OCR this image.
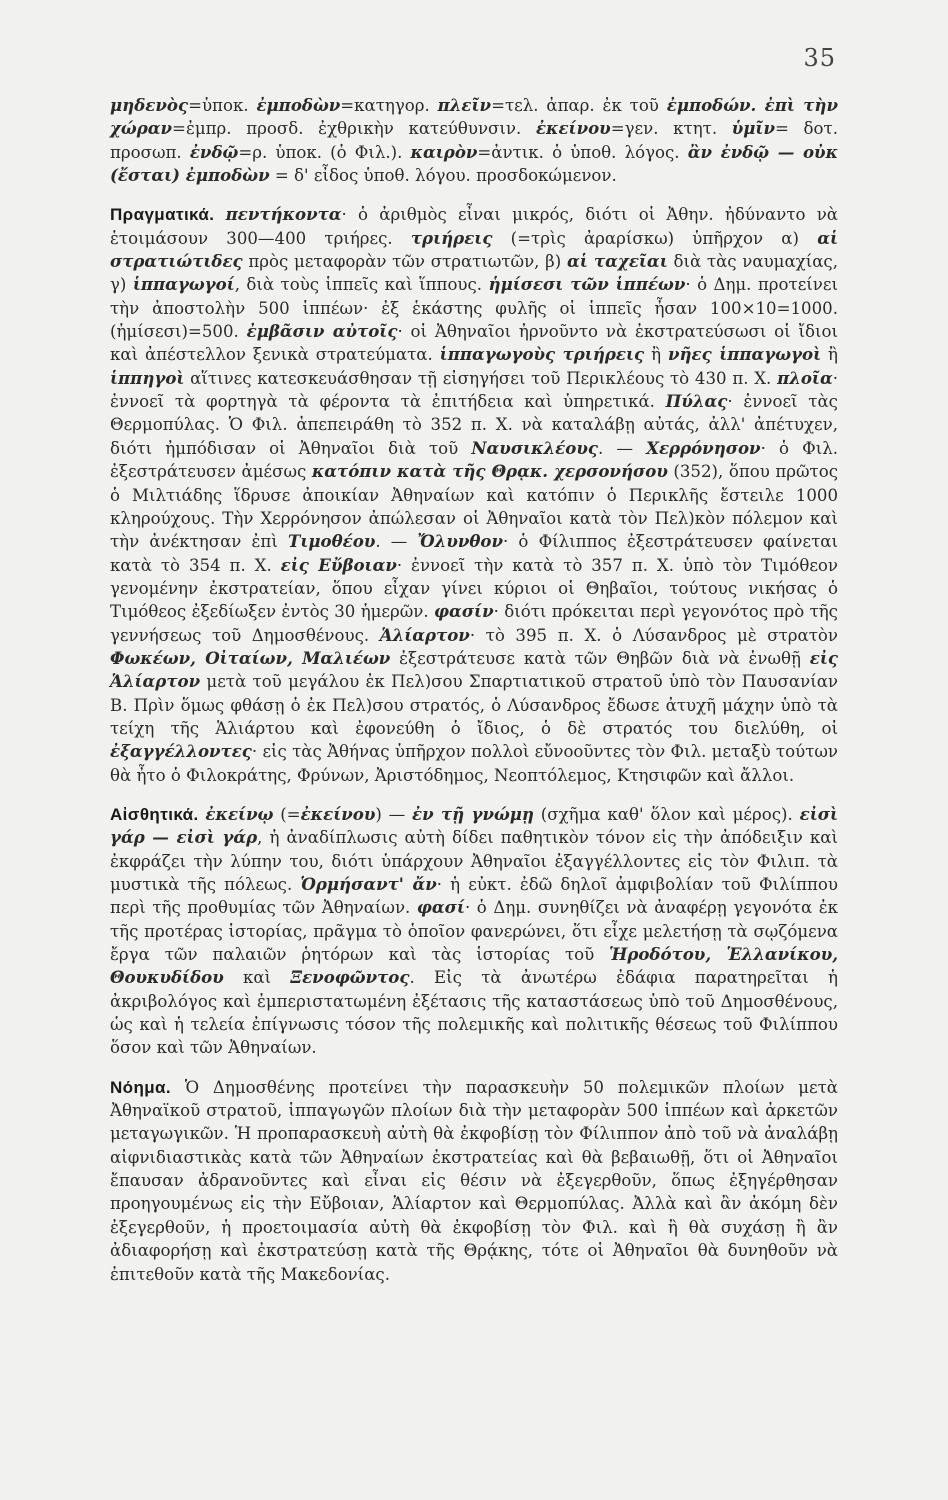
35

μηδενὸς=ὑποκ. ἐμποδὼν=κατηγορ. πλεῖν=τελ. ἀπαρ. ἐκ τοῦ ἐμποδών. ἐπὶ τὴν χώραν=ἐμπρ. προσδ. ἐχθρικὴν κατεύθυνσιν. ἐκείνου=γεν. κτητ. ὑμῖν= δοτ. προσωπ. ἐνδῷ=ρ. ὑποκ. (ὁ Φιλ.). καιρὸν=ἀντικ. ὁ ὑποθ. λόγος. ἂν ἐνδῷ — οὐκ (ἔσται) ἐμποδὼν = δ' εἶδος ὑποθ. λόγου. προσδοκώμενον.

Πραγματικά. πεντήκοντα· ὁ ἀριθμὸς εἶναι μικρός, διότι οἱ Ἀθην. ἠδύναντο νὰ ἑτοιμάσουν 300—400 τριήρες. τριήρεις (=τρὶς ἀραρίσκω) ὑπῆρχον α) αἱ στρατιώτιδες πρὸς μεταφορὰν τῶν στρατιωτῶν, β) αἱ ταχεῖαι διὰ τὰς ναυμαχίας, γ) ἱππαγωγοί, διὰ τοὺς ἱππεῖς καὶ ἵππους. ἡμίσεσι τῶν ἱππέων· ὁ Δημ. προτείνει τὴν ἀποστολὴν 500 ἱππέων· ἐξ ἑκάστης φυλῆς οἱ ἱππεῖς ἦσαν 100×10=1000. (ἡμίσεσι)=500. ἐμβᾶσιν αὐτοῖς· οἱ Ἀθηναῖοι ἠρνοῦντο νὰ ἐκστρατεύσωσι οἱ ἴδιοι καὶ ἀπέστελλον ξενικὰ στρατεύματα. ἱππαγωγοὺς τριήρεις ἢ νῆες ἱππαγωγοὶ ἢ ἱππηγοὶ αἵτινες κατεσκευάσθησαν τῇ εἰσηγήσει τοῦ Περικλέους τὸ 430 π. Χ. πλοῖα· ἐννοεῖ τὰ φορτηγὰ τὰ φέροντα τὰ ἐπιτήδεια καὶ ὑπηρετικά. Πύλας· ἐννοεῖ τὰς Θερμοπύλας. Ὁ Φιλ. ἀπεπειράθη τὸ 352 π. Χ. νὰ καταλάβῃ αὐτάς, ἀλλ' ἀπέτυχεν, διότι ἠμπόδισαν οἱ Ἀθηναῖοι διὰ τοῦ Ναυσικλέους. — Χερρόνησον· ὁ Φιλ. ἐξεστράτευσεν ἀμέσως κατόπιν κατὰ τῆς Θρᾳκ. χερσονήσου (352), ὅπου πρῶτος ὁ Μιλτιάδης ἵδρυσε ἀποικίαν Ἀθηναίων καὶ κατόπιν ὁ Περικλῆς ἔστειλε 1000 κληρούχους. Τὴν Χερρόνησον ἀπώλεσαν οἱ Ἀθηναῖοι κατὰ τὸν Πελ)κὸν πόλεμον καὶ τὴν ἀνέκτησαν ἐπὶ Τιμοθέου. — Ὄλυνθον· ὁ Φίλιππος ἐξεστράτευσεν φαίνεται κατὰ τὸ 354 π. Χ. εἰς Εὔβοιαν· ἐννοεῖ τὴν κατὰ τὸ 357 π. Χ. ὑπὸ τὸν Τιμόθεον γενομένην ἐκστρατείαν, ὅπου εἶχαν γίνει κύριοι οἱ Θηβαῖοι, τούτους νικήσας ὁ Τιμόθεος ἐξεδίωξεν ἐντὸς 30 ἡμερῶν. φασίν· διότι πρόκειται περὶ γεγονότος πρὸ τῆς γεννήσεως τοῦ Δημοσθένους. Ἁλίαρτον· τὸ 395 π. Χ. ὁ Λύσανδρος μὲ στρατὸν Φωκέων, Οἰταίων, Μαλιέων ἐξεστράτευσε κατὰ τῶν Θηβῶν διὰ νὰ ἑνωθῇ εἰς Ἁλίαρτον μετὰ τοῦ μεγάλου ἐκ Πελ)σου Σπαρτιατικοῦ στρατοῦ ὑπὸ τὸν Παυσανίαν Β. Πρὶν ὅμως φθάσῃ ὁ ἐκ Πελ)σου στρατός, ὁ Λύσανδρος ἔδωσε ἀτυχῆ μάχην ὑπὸ τὰ τείχη τῆς Ἁλιάρτου καὶ ἐφονεύθη ὁ ἴδιος, ὁ δὲ στρατός του διελύθη, οἱ ἐξαγγέλλοντες· εἰς τὰς Ἀθήνας ὑπῆρχον πολλοὶ εὔνοοῦντες τὸν Φιλ. μεταξὺ τούτων θὰ ἦτο ὁ Φιλοκράτης, Φρύνων, Ἀριστόδημος, Νεοπτόλεμος, Κτησιφῶν καὶ ἄλλοι.

Αἰσθητικά. ἐκείνῳ (=ἐκείνου) — ἐν τῇ γνώμῃ (σχῆμα καθ' ὅλον καὶ μέρος). εἰσὶ γάρ — εἰσὶ γάρ, ἡ ἀναδίπλωσις αὐτὴ δίδει παθητικὸν τόνον εἰς τὴν ἀπόδειξιν καὶ ἐκφράζει τὴν λύπην του, διότι ὑπάρχουν Ἀθηναῖοι ἐξαγγέλλοντες εἰς τὸν Φιλιπ. τὰ μυστικὰ τῆς πόλεως. Ὁρμήσαντ' ἄν· ἡ εὐκτ. ἐδῶ δηλοῖ ἀμφιβολίαν τοῦ Φιλίππου περὶ τῆς προθυμίας τῶν Ἀθηναίων. φασί· ὁ Δημ. συνηθίζει νὰ ἀναφέρῃ γεγονότα ἐκ τῆς προτέρας ἱστορίας, πρᾶγμα τὸ ὁποῖον φανερώνει, ὅτι εἶχε μελετήσῃ τὰ σῳζόμενα ἔργα τῶν παλαιῶν ῥητόρων καὶ τὰς ἱστορίας τοῦ Ἡροδότου, Ἑλλανίκου, Θουκυδίδου καὶ Ξενοφῶντος. Εἰς τὰ ἀνωτέρω ἐδάφια παρατηρεῖται ἡ ἀκριβολόγος καὶ ἐμπεριστατωμένη ἐξέτασις τῆς καταστάσεως ὑπὸ τοῦ Δημοσθένους, ὡς καὶ ἡ τελεία ἐπίγνωσις τόσον τῆς πολεμικῆς καὶ πολιτικῆς θέσεως τοῦ Φιλίππου ὅσον καὶ τῶν Ἀθηναίων.

Νόημα. Ὁ Δημοσθένης προτείνει τὴν παρασκευὴν 50 πολεμικῶν πλοίων μετὰ Ἀθηναϊκοῦ στρατοῦ, ἱππαγωγῶν πλοίων διὰ τὴν μεταφορὰν 500 ἱππέων καὶ ἀρκετῶν μεταγωγικῶν. Ἡ προπαρασκευὴ αὐτὴ θὰ ἐκφοβίσῃ τὸν Φίλιππον ἀπὸ τοῦ νὰ ἀναλάβῃ αἰφνιδιαστικὰς κατὰ τῶν Ἀθηναίων ἐκστρατείας καὶ θὰ βεβαιωθῇ, ὅτι οἱ Ἀθηναῖοι ἔπαυσαν ἀδρανοῦντες καὶ εἶναι εἰς θέσιν νὰ ἐξεγερθοῦν, ὅπως ἐξηγέρθησαν προηγουμένως εἰς τὴν Εὔβοιαν, Ἁλίαρτον καὶ Θερμοπύλας. Ἀλλὰ καὶ ἂν ἀκόμη δὲν ἐξεγερθοῦν, ἡ προετοιμασία αὐτὴ θὰ ἐκφοβίσῃ τὸν Φιλ. καὶ ἢ θὰ συχάσῃ ἢ ἂν ἀδιαφορήσῃ καὶ ἐκστρατεύσῃ κατὰ τῆς Θρᾴκης, τότε οἱ Ἀθηναῖοι θὰ δυνηθοῦν νὰ ἐπιτεθοῦν κατὰ τῆς Μακεδονίας.
